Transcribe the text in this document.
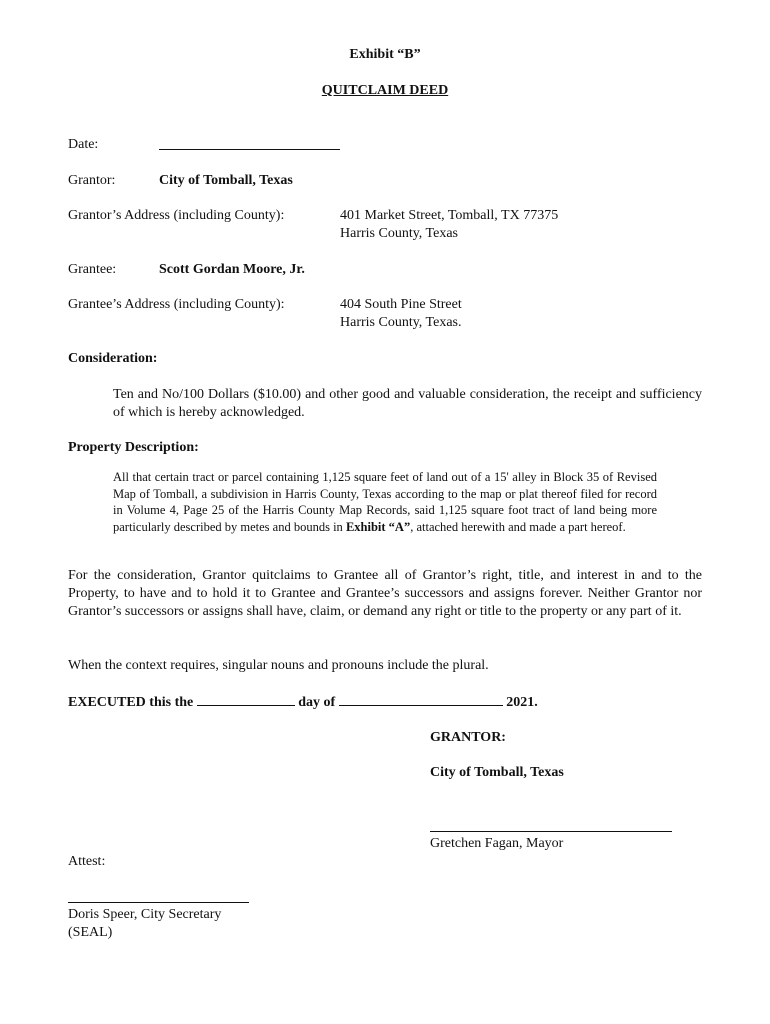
Exhibit “B”
QUITCLAIM DEED
Date:
Grantor:	City of Tomball, Texas
Grantor’s Address (including County):	401 Market Street, Tomball, TX 77375
Harris County, Texas
Grantee:	Scott Gordan Moore, Jr.
Grantee’s Address (including County):	404 South Pine Street
Harris County, Texas.
Consideration:
Ten and No/100 Dollars ($10.00) and other good and valuable consideration, the receipt and sufficiency of which is hereby acknowledged.
Property Description:
All that certain tract or parcel containing 1,125 square feet of land out of a 15' alley in Block 35 of Revised Map of Tomball, a subdivision in Harris County, Texas according to the map or plat thereof filed for record in Volume 4, Page 25 of the Harris County Map Records, said 1,125 square foot tract of land being more particularly described by metes and bounds in Exhibit “A”, attached herewith and made a part hereof.
For the consideration, Grantor quitclaims to Grantee all of Grantor’s right, title, and interest in and to the Property, to have and to hold it to Grantee and Grantee’s successors and assigns forever. Neither Grantor nor Grantor’s successors or assigns shall have, claim, or demand any right or title to the property or any part of it.
When the context requires, singular nouns and pronouns include the plural.
EXECUTED this the	day of	2021.
GRANTOR:
City of Tomball, Texas
Gretchen Fagan, Mayor
Attest:
Doris Speer, City Secretary
(SEAL)
